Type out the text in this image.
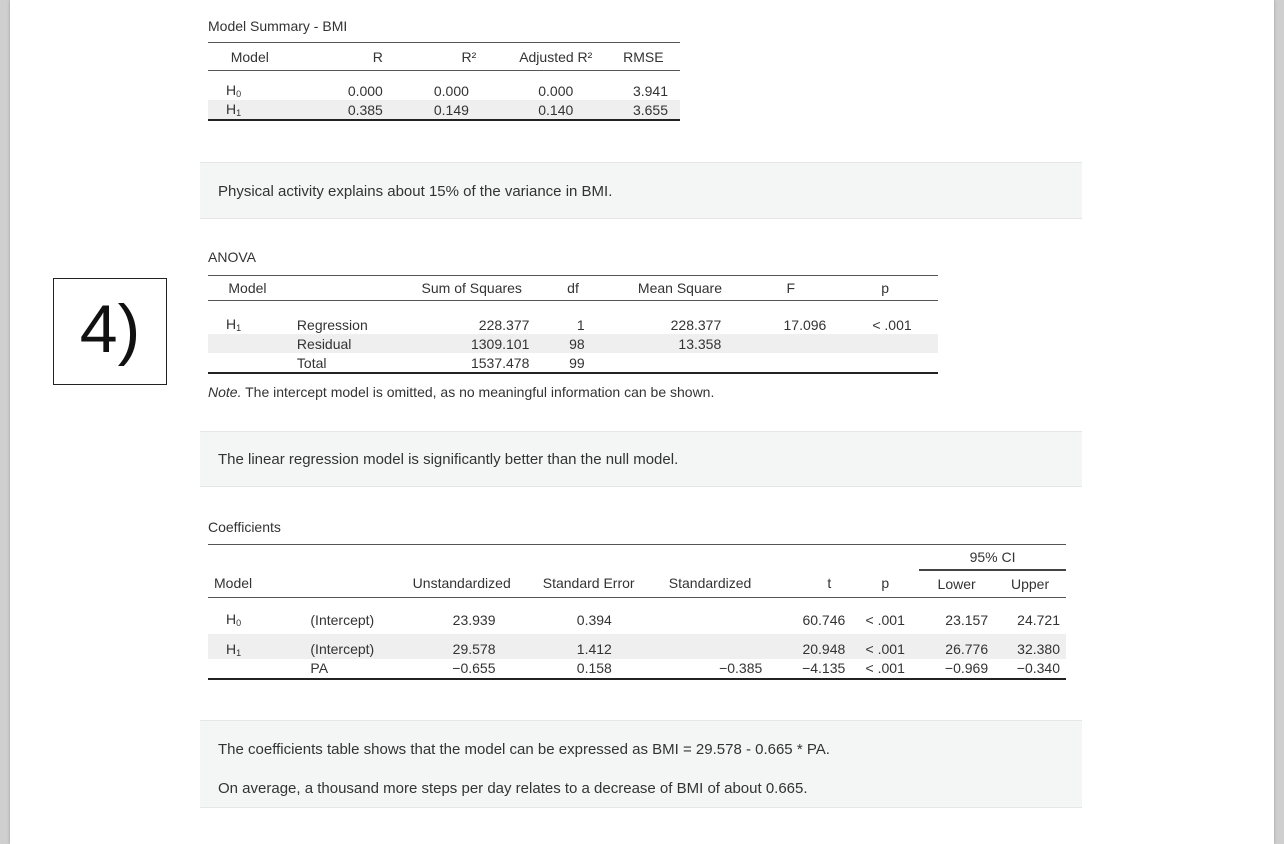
4)
Model Summary - BMI
Model	R	R²	Adjusted R²	RMSE

$H_0$	0.000	0.000	0.000	3.941
$H_1$	0.385	0.149	0.140	3.655

Physical activity explains about 15% of the variance in BMI.

ANOVA
Model		Sum of Squares	df	Mean Square	F	p

$H_1$	Regression	228.377	1	228.377	17.096	< .001
	Residual	1309.101	98	13.358		
	Total	1537.478	99			
Note. The intercept model is omitted, as no meaningful information can be shown.

The linear regression model is significantly better than the null model.

Coefficients
							95% CI	
Model		Unstandardized	Standard Error	Standardized	t	p	Lower	Upper

$H_0$	(Intercept)	23.939	0.394		60.746	< .001	23.157	24.721

$H_1$	(Intercept)	29.578	1.412		20.948	< .001	26.776	32.380
	PA	−0.655	0.158	−0.385	−4.135	< .001	−0.969	−0.340

The coefficients table shows that the model can be expressed as BMI = 29.578 - 0.665 * PA.

On average, a thousand more steps per day relates to a decrease of BMI of about 0.665.
